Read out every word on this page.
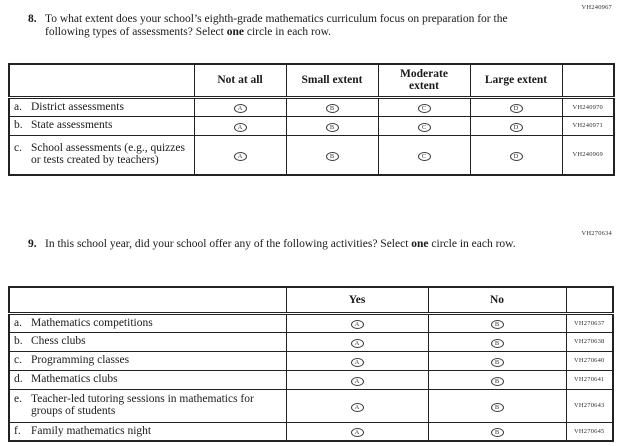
VH240967
8. To what extent does your school’s eighth-grade mathematics curriculum focus on preparation for the following types of assessments? Select one circle in each row.
	Not at all	Small extent	Moderate extent	Large extent	

a. District assessments	A	B	C	D	VH240970

b. State assessments	A	B	C	D	VH240971

c. School assessments (e.g., quizzes or tests created by teachers)	A	B	C	D	VH240969
VH270634
9. In this school year, did your school offer any of the following activities? Select one circle in each row.
	Yes	No	

a. Mathematics competitions	A	B	VH270637

b. Chess clubs	A	B	VH270638

c. Programming classes	A	B	VH270640

d. Mathematics clubs	A	B	VH270641

e. Teacher-led tutoring sessions in mathematics for groups of students	A	B	VH270643

f. Family mathematics night	A	B	VH270645
